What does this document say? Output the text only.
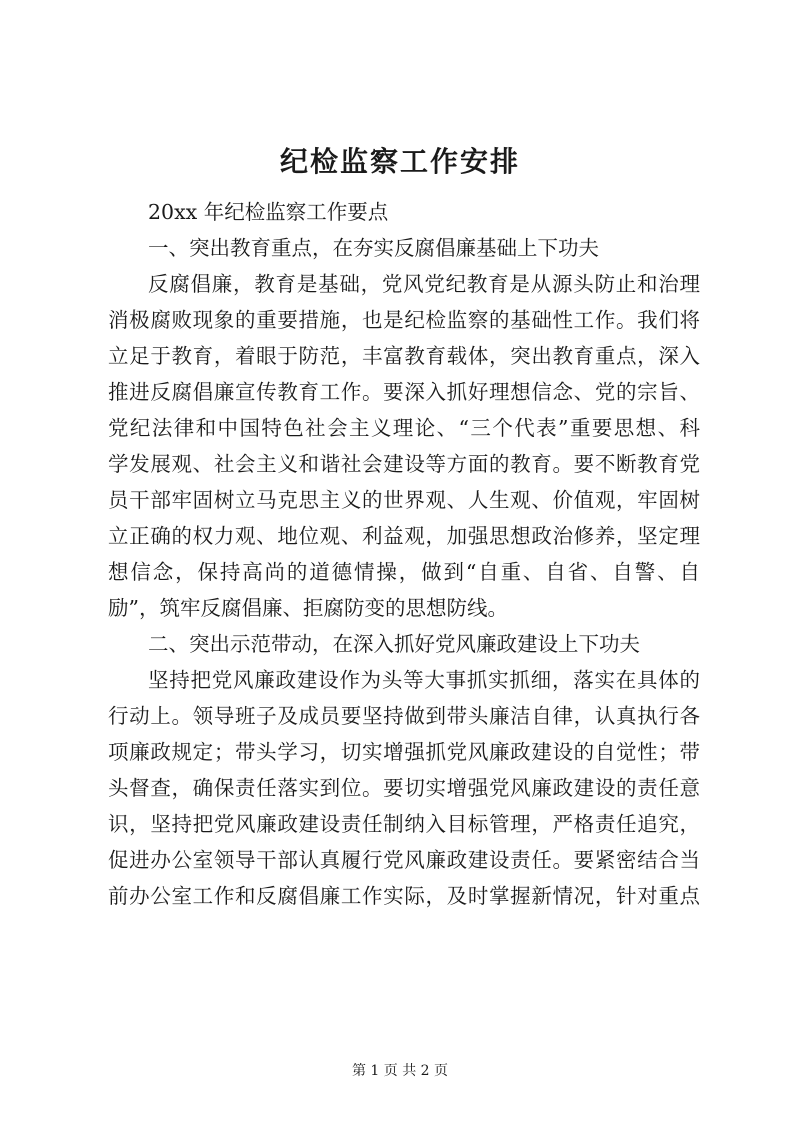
纪检监察工作安排
20xx 年纪检监察工作要点
一、突出教育重点，在夯实反腐倡廉基础上下功夫
反腐倡廉，教育是基础，党风党纪教育是从源头防止和治理
消极腐败现象的重要措施，也是纪检监察的基础性工作。我们将
立足于教育，着眼于防范，丰富教育载体，突出教育重点，深入
推进反腐倡廉宣传教育工作。要深入抓好理想信念、党的宗旨、
党纪法律和中国特色社会主义理论、“三个代表”重要思想、科
学发展观、社会主义和谐社会建设等方面的教育。要不断教育党
员干部牢固树立马克思主义的世界观、人生观、价值观，牢固树
立正确的权力观、地位观、利益观，加强思想政治修养，坚定理
想信念，保持高尚的道德情操，做到“自重、自省、自警、自
励”，筑牢反腐倡廉、拒腐防变的思想防线。
二、突出示范带动，在深入抓好党风廉政建设上下功夫
坚持把党风廉政建设作为头等大事抓实抓细，落实在具体的
行动上。领导班子及成员要坚持做到带头廉洁自律，认真执行各
项廉政规定；带头学习，切实增强抓党风廉政建设的自觉性；带
头督查，确保责任落实到位。要切实增强党风廉政建设的责任意
识，坚持把党风廉政建设责任制纳入目标管理，严格责任追究，
促进办公室领导干部认真履行党风廉政建设责任。要紧密结合当
前办公室工作和反腐倡廉工作实际，及时掌握新情况，针对重点
第 1 页 共 2 页
